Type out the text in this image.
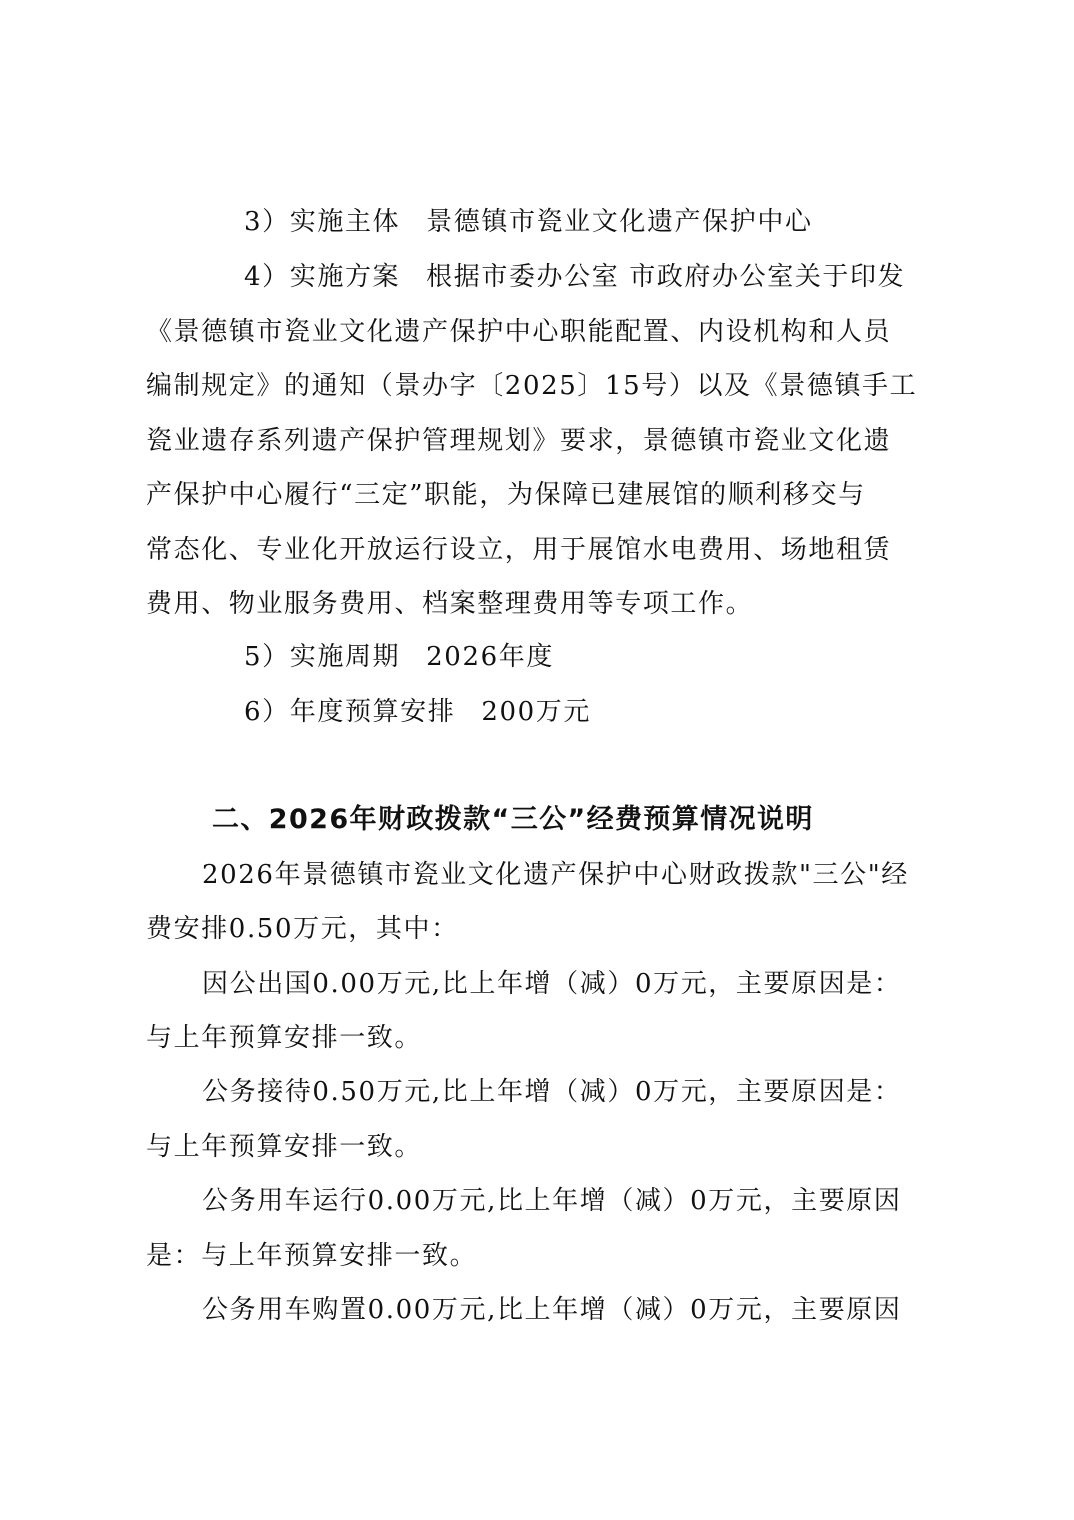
3）实施主体 景德镇市瓷业文化遗产保护中心
4）实施方案 根据市委办公室 市政府办公室关于印发
《景德镇市瓷业文化遗产保护中心职能配置、内设机构和人员
编制规定》的通知（景办字〔2025〕15号）以及《景德镇手工
瓷业遗存系列遗产保护管理规划》要求，景德镇市瓷业文化遗
产保护中心履行“三定”职能，为保障已建展馆的顺利移交与
常态化、专业化开放运行设立，用于展馆水电费用、场地租赁
费用、物业服务费用、档案整理费用等专项工作。
5）实施周期 2026年度
6）年度预算安排 200万元
二、2026年财政拨款“三公”经费预算情况说明
2026年景德镇市瓷业文化遗产保护中心财政拨款"三公"经
费安排0.50万元，其中：
因公出国0.00万元,比上年增（减）0万元，主要原因是：
与上年预算安排一致。
公务接待0.50万元,比上年增（减）0万元，主要原因是：
与上年预算安排一致。
公务用车运行0.00万元,比上年增（减）0万元，主要原因
是：与上年预算安排一致。
公务用车购置0.00万元,比上年增（减）0万元，主要原因
